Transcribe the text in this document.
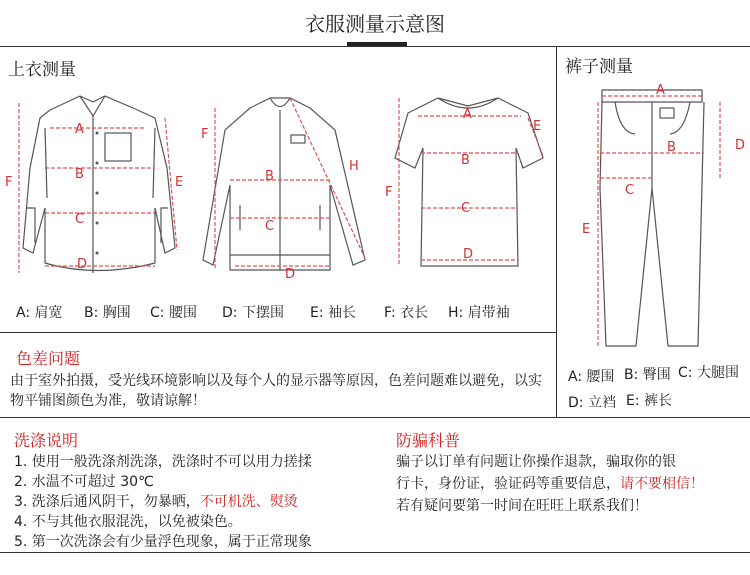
衣服测量示意图
上衣测量	裤子测量
A
B
C
D
E
F	B
C
D
F
H
A
B
C
D
E
F
A: 肩宽 B: 胸围 C: 腰围 D: 下摆围 E: 袖长 F: 衣长 H: 肩带袖
A
B
C
D
E
A: 腰围 B: 臀围 C: 大腿围
D: 立裆 E: 裤长
色差问题
由于室外拍摄，受光线环境影响以及每个人的显示器等原因，色差问题难以避免，以实物平铺图颜色为准，敬请谅解！
洗涤说明
1. 使用一般洗涤剂洗涤，洗涤时不可以用力搓揉
2. 水温不可超过 30℃
3. 洗涤后通风阴干，勿暴晒，不可机洗、熨烫
4. 不与其他衣服混洗，以免被染色。
5. 第一次洗涤会有少量浮色现象，属于正常现象
防骗科普
骗子以订单有问题让你操作退款，骗取你的银
行卡，身份证，验证码等重要信息，请不要相信！
若有疑问要第一时间在旺旺上联系我们！
